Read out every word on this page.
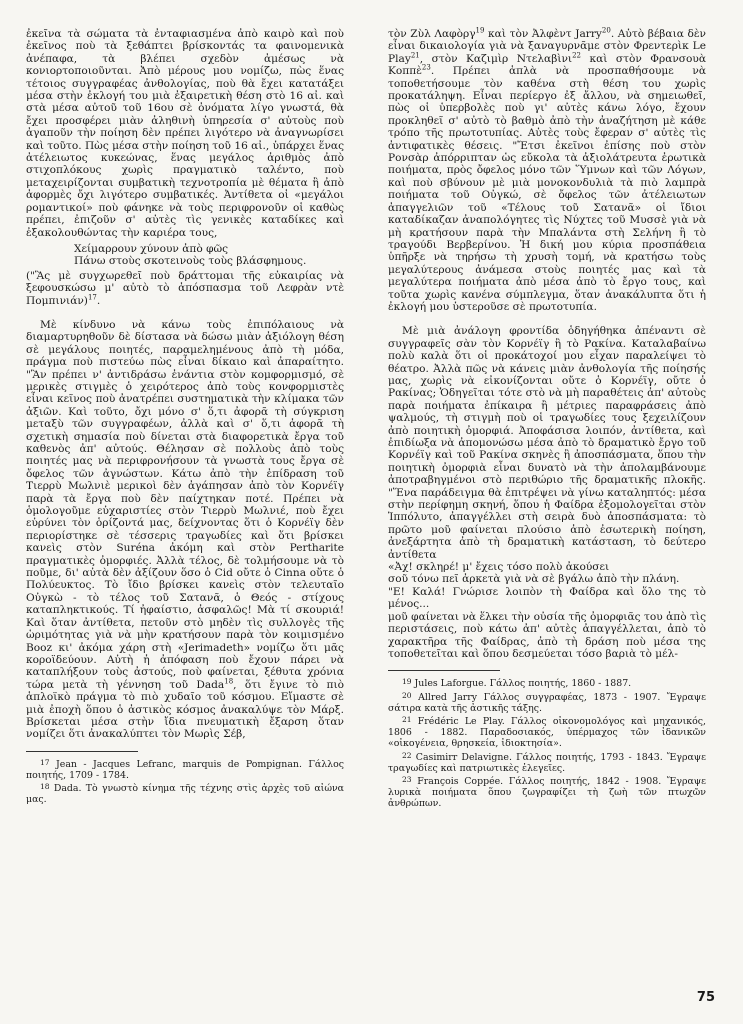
ἐκεῖνα τὰ σώματα τὰ ἐνταφιασμένα ἀπὸ καιρὸ καὶ ποὺ ἐκεῖνος ποὺ τὰ ξεθάπτει βρίσκοντάς τα φαινομενικὰ ἀνέπαφα, τὰ βλέπει σχεδὸν ἀμέσως νὰ κονιορτοποιοῦνται. Ἀπὸ μέρους μου νομίζω, πὼς ἕνας τέτοιος συγγραφέας ἀνθολογίας, ποὺ θὰ ἔχει κατατάξει μέσα στὴν ἐκλογή του μιὰ ἐξαιρετικὴ θέση στὸ 16 αἰ. καὶ στὰ μέσα αὐτοῦ τοῦ 16ου σὲ ὀνόματα λίγο γνωστά, θὰ ἔχει προσφέρει μιὰν ἀληθινὴ ὑπηρεσία σ' αὐτοὺς ποὺ ἀγαποῦν τὴν ποίηση δὲν πρέπει λιγότερο νὰ ἀναγνωρίσει καὶ τοῦτο. Πὼς μέσα στὴν ποίηση τοῦ 16 αἰ., ὑπάρχει ἕνας ἀτέλειωτος κυκεώνας, ἕνας μεγάλος ἀριθμὸς ἀπὸ στιχοπλόκους χωρὶς πραγματικὸ ταλέντο, ποὺ μεταχειρίζονται συμβατικὴ τεχνοτροπία μὲ θέματα ἢ ἀπὸ ἀφορμὲς ὄχι λιγότερο συμβατικές. Ἀντίθετα οἱ «μεγάλοι ρομαντικοί» ποὺ φάνηκε νὰ τοὺς περιφρονοῦν οἱ καθὼς πρέπει, ἐπιζοῦν σ' αὐτὲς τὶς γενικὲς καταδίκες καὶ ἐξακολουθώντας τὴν καριέρα τους,

Χείμαρρουν χύνουν ἀπὸ φῶς
Πάνω στοὺς σκοτεινοὺς τοὺς βλάσφημους.

("Ἃς μὲ συγχωρεθεῖ ποὺ δράττομαι τῆς εὐκαιρίας νὰ ξεφουσκώσω μ' αὐτὸ τὸ ἀπόσπασμα τοῦ Λεφρὰν ντὲ Πομπινιάν)$^{17}$.

Μὲ κίνδυνο νὰ κάνω τοὺς ἐπιπόλαιους νὰ διαμαρτυρηθοῦν δὲ δίστασα νὰ δώσω μιὰν ἀξιόλογη θέση σὲ μεγάλους ποιητές, παραμελημένους ἀπὸ τὴ μόδα, πράγμα ποὺ πιστεύω πὼς εἶναι δίκαιο καὶ ἀπαραίτητο. "Ἂν πρέπει ν' ἀντιδράσω ἐνάντια στὸν κομφορμισμό, σὲ μερικὲς στιγμὲς ὁ χειρότερος ἀπὸ τοὺς κονφορμιστὲς εἶναι κεῖνος ποὺ ἀνατρέπει συστηματικὰ τὴν κλίμακα τῶν ἀξιῶν. Καὶ τοῦτο, ὄχι μόνο σ' ὅ,τι ἀφορᾶ τὴ σύγκριση μεταξὺ τῶν συγγραφέων, ἀλλὰ καὶ σ' ὅ,τι ἀφορᾶ τὴ σχετικὴ σημασία ποὺ δίνεται στὰ διαφορετικὰ ἔργα τοῦ καθενὸς ἀπ' αὐτούς. Θέλησαν σὲ πολλοὺς ἀπὸ τοὺς ποιητές μας νὰ περιφρονήσουν τὰ γνωστὰ τους ἔργα σὲ ὄφελος τῶν ἀγνώστων. Κάτω ἀπὸ τὴν ἐπίδραση τοῦ Τιερρὺ Μωλνιὲ μερικοὶ δὲν ἀγάπησαν ἀπὸ τὸν Κορνέϊγ παρὰ τὰ ἔργα ποὺ δὲν παίχτηκαν ποτέ. Πρέπει νὰ ὁμολογοῦμε εὐχαριστίες στὸν Τιερρὺ Μωλνιέ, ποὺ ἔχει εὐρύνει τὸν ὁρίζοντά μας, δείχνοντας ὅτι ὁ Κορνέϊγ δὲν περιορίστηκε σὲ τέσσερις τραγωδίες καὶ ὅτι βρίσκει κανεὶς στὸν Suréna ἀκόμη καὶ στὸν Pertharite πραγματικὲς ὀμορφιές. Ἀλλὰ τέλος, δὲ τολμήσουμε νὰ τὸ ποῦμε, δι' αὐτὰ δὲν ἀξίζουν ὅσο ὁ Cid οὔτε ὁ Cinna οὔτε ὁ Πολύευκτος. Τὸ ἴδιο βρίσκει κανεὶς στὸν τελευταῖο Οὐγκὼ - τὸ τέλος τοῦ Σατανᾶ, ὁ Θεός - στίχους καταπληκτικούς. Τί ἠφαίστιο, ἀσφαλῶς! Μὰ τί σκουριά! Καὶ ὅταν ἀντίθετα, πετοῦν στὸ μηδὲν τὶς συλλογὲς τῆς ὡριμότητας γιὰ νὰ μὴν κρατήσουν παρὰ τὸν κοιμισμένο Booz κι' ἀκόμα χάρη στὴ «Jerimadeth» νομίζω ὅτι μᾶς κοροϊδεύουν. Αὐτὴ ἡ ἀπόφαση ποὺ ἔχουν πάρει νὰ καταπλήξουν τοὺς ἀστούς, ποὺ φαίνεται, ξέθυτα χρόνια τώρα μετὰ τὴ γέννηση τοῦ Dada$^{18}$, ὅτι ἔγινε τὸ πιὸ ἁπλοϊκὸ πράγμα τὸ πιὸ χυδαῖο τοῦ κόσμου. Εἴμαστε σὲ μιὰ ἐποχὴ ὅπου ὁ ἀστικὸς κόσμος ἀνακαλύψε τὸν Μάρξ. Βρίσκεται μέσα στὴν ἴδια πνευματικὴ ἔξαρση ὅταν νομίζει ὅτι ἀνακαλύπτει τὸν Μωρὶς Σέβ,

$^{17}$ Jean - Jacques Lefranc, marquis de Pompignan. Γάλλος ποιητής, 1709 - 1784.

$^{18}$ Dada. Τὸ γνωστὸ κίνημα τῆς τέχνης στὶς ἀρχὲς τοῦ αἰώνα μας.

τὸν Ζὺλ Λαφὸργ$^{19}$ καὶ τὸν Ἀλφὲντ Jarry$^{20}$. Αὐτὸ βέβαια δὲν εἶναι δικαιολογία γιὰ νὰ ξαναγυρνᾶμε στὸν Φρεντερὶκ Le Play$^{21}$, στὸν Καζιμὶρ Ντελαβὶνι$^{22}$ καὶ στὸν Φρανσουὰ Κοππὲ$^{23}$. Πρέπει ἁπλὰ νὰ προσπαθήσουμε νὰ τοποθετήσουμε τὸν καθένα στὴ θέση του χωρὶς προκατάληψη. Εἶναι περίεργο ἐξ ἄλλου, νὰ σημειωθεῖ, πὼς οἱ ὑπερβολὲς ποὺ γι' αὐτὲς κάνω λόγο, ἔχουν προκληθεῖ σ' αὐτὸ τὸ βαθμὸ ἀπὸ τὴν ἀναζήτηση μὲ κάθε τρόπο τῆς πρωτοτυπίας. Αὐτὲς τοὺς ἔφεραν σ' αὐτὲς τὶς ἀντιφατικὲς θέσεις. "Ἔτσι ἐκεῖνοι ἐπίσης ποὺ στὸν Ρονσὰρ ἀπόρριπταν ὡς εὔκολα τὰ ἀξιολάτρευτα ἐρωτικὰ ποιήματα, πρὸς ὄφελος μόνο τῶν Ὕμνων καὶ τῶν Λόγων, καὶ ποὺ σβύνουν μὲ μιὰ μονοκονδυλιὰ τὰ πιὸ λαμπρὰ ποιήματα τοῦ Οὐγκώ, σὲ ὄφελος τῶν ἀτέλειωτων ἀπαγγελιῶν τοῦ «Τέλους τοῦ Σατανᾶ» οἱ ἴδιοι καταδίκαζαν ἀναπολόγητες τὶς Νύχτες τοῦ Μυσσὲ γιὰ νὰ μὴ κρατήσουν παρὰ τὴν Μπαλάντα στὴ Σελήνη ἢ τὸ τραγούδι Βερβερίνου. Ἡ δική μου κύρια προσπάθεια ὑπῆρξε νὰ τηρήσω τὴ χρυσὴ τομή, νὰ κρατήσω τοὺς μεγαλύτερους ἀνάμεσα στοὺς ποιητές μας καὶ τὰ μεγαλύτερα ποιήματα ἀπὸ μέσα ἀπὸ τὸ ἔργο τους, καὶ τοῦτα χωρὶς κανένα σύμπλεγμα, ὅταν ἀνακάλυπτα ὅτι ἡ ἐκλογή μου ὑστεροῦσε σὲ πρωτοτυπία.

Μὲ μιὰ ἀνάλογη φροντίδα ὁδηγήθηκα ἀπέναντι σὲ συγγραφεῖς σὰν τὸν Κορνέϊγ ἢ τὸ Ρακίνα. Καταλαβαίνω πολὺ καλὰ ὅτι οἱ προκάτοχοί μου εἶχαν παραλείψει τὸ θέατρο. Ἀλλὰ πῶς νὰ κάνεις μιὰν ἀνθολογία τῆς ποίησής μας, χωρὶς νὰ εἰκονίζονται οὔτε ὁ Κορνέϊγ, οὔτε ὁ Ρακίνας; Ὁδηγεῖται τότε στὸ νὰ μὴ παραθέτεις ἀπ' αὐτοὺς παρὰ ποιήματα ἐπίκαιρα ἢ μέτριες παραφράσεις ἀπὸ ψαλμούς, τὴ στιγμὴ ποὺ οἱ τραγωδίες τους ξεχειλίζουν ἀπὸ ποιητικὴ ὀμορφιά. Ἀποφάσισα λοιπόν, ἀντίθετα, καὶ ἐπιδίωξα νὰ ἀπομονώσω μέσα ἀπὸ τὸ δραματικὸ ἔργο τοῦ Κορνέϊγ καὶ τοῦ Ρακίνα σκηνὲς ἢ ἀποσπάσματα, ὅπου τὴν ποιητικὴ ὀμορφιὰ εἶναι δυνατὸ νὰ τὴν ἀπολαμβάνουμε ἀποτραβηγμένοι στὸ περιθώριο τῆς δραματικῆς πλοκῆς. "Ἕνα παράδειγμα θὰ ἐπιτρέψει νὰ γίνω καταληπτός: μέσα στὴν περίφημη σκηνή, ὅπου ἡ Φαίδρα ἐξομολογεῖται στὸν Ἱππόλυτο, ἀπαγγέλλει στὴ σειρὰ δυὸ ἀποσπάσματα: τὸ πρῶτο μοῦ φαίνεται πλούσιο ἀπὸ ἐσωτερικὴ ποίηση, ἀνεξάρτητα ἀπὸ τὴ δραματικὴ κατάσταση, τὸ δεύτερο ἀντίθετα

«Ἀχ! σκληρέ! μ' ἔχεις τόσο πολὺ ἀκούσει

σοῦ τόνω πεῖ ἀρκετὰ γιὰ νὰ σὲ βγάλω ἀπὸ τὴν πλάνη.

"Ε! Καλά! Γνώρισε λοιπὸν τὴ Φαίδρα καὶ ὅλο της τὸ μένος...

μοῦ φαίνεται νὰ ἕλκει τὴν οὐσία τῆς ὀμορφιᾶς του ἀπὸ τὶς περιστάσεις, ποὺ κάτω ἀπ' αὐτὲς ἀπαγγέλλεται, ἀπὸ τὸ χαρακτῆρα τῆς Φαίδρας, ἀπὸ τὴ δράση ποὺ μέσα της τοποθετεῖται καὶ ὅπου δεσμεύεται τόσο βαριὰ τὸ μέλ-

$^{19}$ Jules Laforgue. Γάλλος ποιητής, 1860 - 1887.

$^{20}$ Allred Jarry Γάλλος συγγραφέας, 1873 - 1907. Ἔγραψε σάτιρα κατὰ τῆς ἀστικῆς τάξης.

$^{21}$ Frédéric Le Play. Γάλλος οἰκονομολόγος καὶ μηχανικός, 1806 - 1882. Παραδοσιακός, ὑπέρμαχος τῶν ἰδανικῶν «οἰκογένεια, θρησκεία, ἰδιοκτησία».

$^{22}$ Casimirr Delavigne. Γάλλος ποιητής, 1793 - 1843. Ἔγραψε τραγωδίες καὶ πατριωτικὲς ἐλεγεῖες.

$^{23}$ François Coppée. Γάλλος ποιητής, 1842 - 1908. Ἔγραψε λυρικὰ ποιήματα ὅπου ζωγραφίζει τὴ ζωὴ τῶν πτωχῶν ἀνθρώπων.

75
